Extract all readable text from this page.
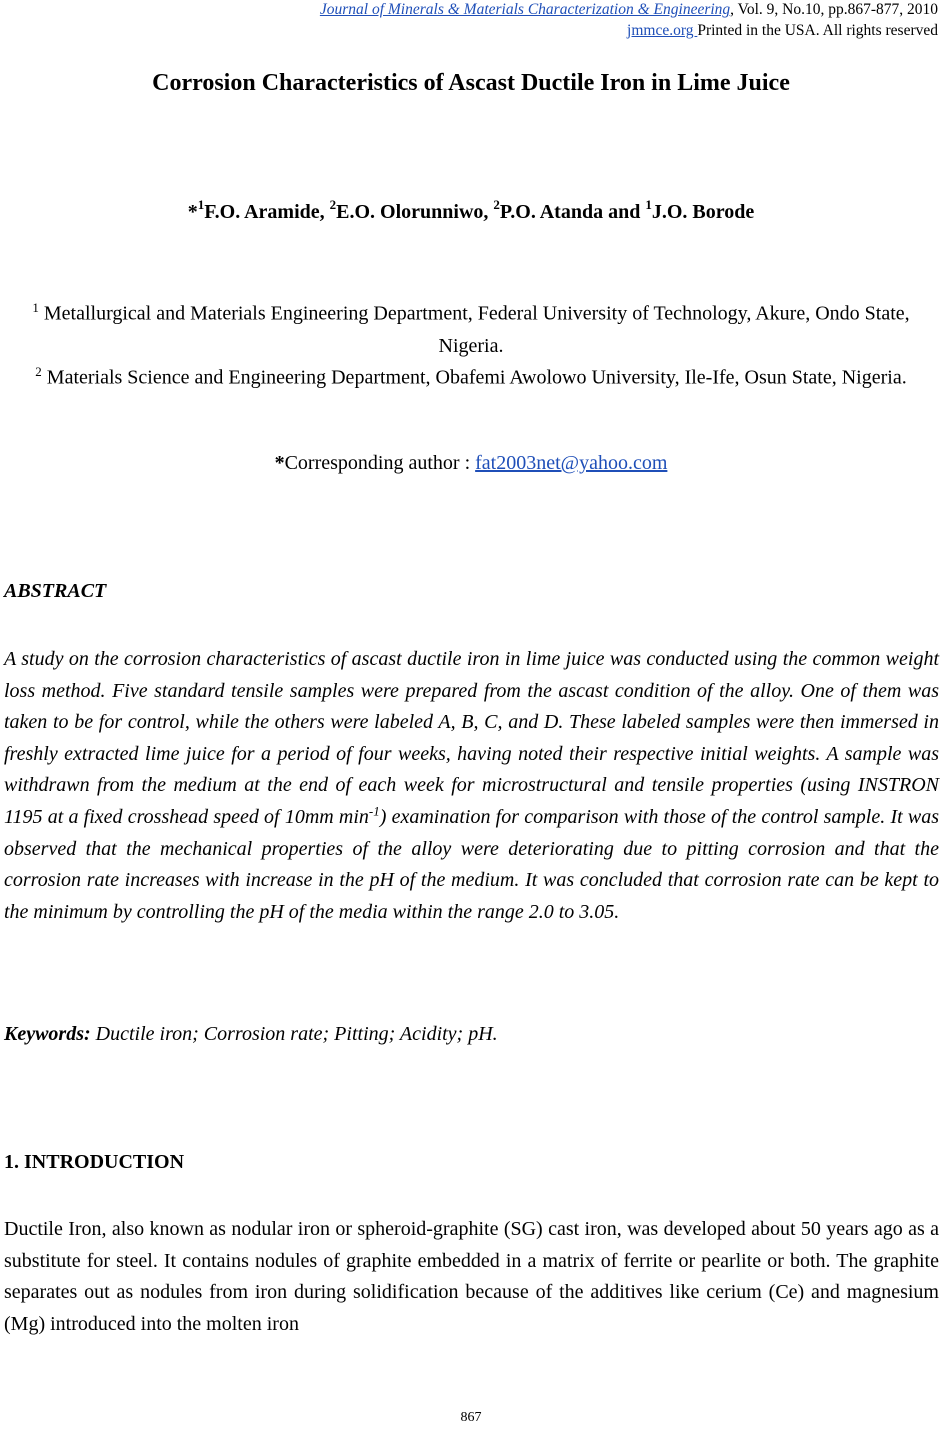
Journal of Minerals & Materials Characterization & Engineering, Vol. 9, No.10, pp.867-877, 2010
jmmce.org Printed in the USA. All rights reserved
Corrosion Characteristics of Ascast Ductile Iron in Lime Juice
*$^1$F.O. Aramide, $^2$E.O. Olorunniwo, $^2$P.O. Atanda and $^1$J.O. Borode
$^1$ Metallurgical and Materials Engineering Department, Federal University of Technology, Akure, Ondo State, Nigeria.
$^2$ Materials Science and Engineering Department, Obafemi Awolowo University, Ile-Ife, Osun State, Nigeria.
*Corresponding author : fat2003net@yahoo.com
ABSTRACT
A study on the corrosion characteristics of ascast ductile iron in lime juice was conducted using the common weight loss method. Five standard tensile samples were prepared from the ascast condition of the alloy. One of them was taken to be for control, while the others were labeled A, B, C, and D. These labeled samples were then immersed in freshly extracted lime juice for a period of four weeks, having noted their respective initial weights. A sample was withdrawn from the medium at the end of each week for microstructural and tensile properties (using INSTRON 1195 at a fixed crosshead speed of 10mm $\min^{-1}$) examination for comparison with those of the control sample. It was observed that the mechanical properties of the alloy were deteriorating due to pitting corrosion and that the corrosion rate increases with increase in the pH of the medium. It was concluded that corrosion rate can be kept to the minimum by controlling the pH of the media within the range 2.0 to 3.05.
Keywords: Ductile iron; Corrosion rate; Pitting; Acidity; pH.
1. INTRODUCTION
Ductile Iron, also known as nodular iron or spheroid-graphite (SG) cast iron, was developed about 50 years ago as a substitute for steel. It contains nodules of graphite embedded in a matrix of ferrite or pearlite or both. The graphite separates out as nodules from iron during solidification because of the additives like cerium (Ce) and magnesium (Mg) introduced into the molten iron
867
